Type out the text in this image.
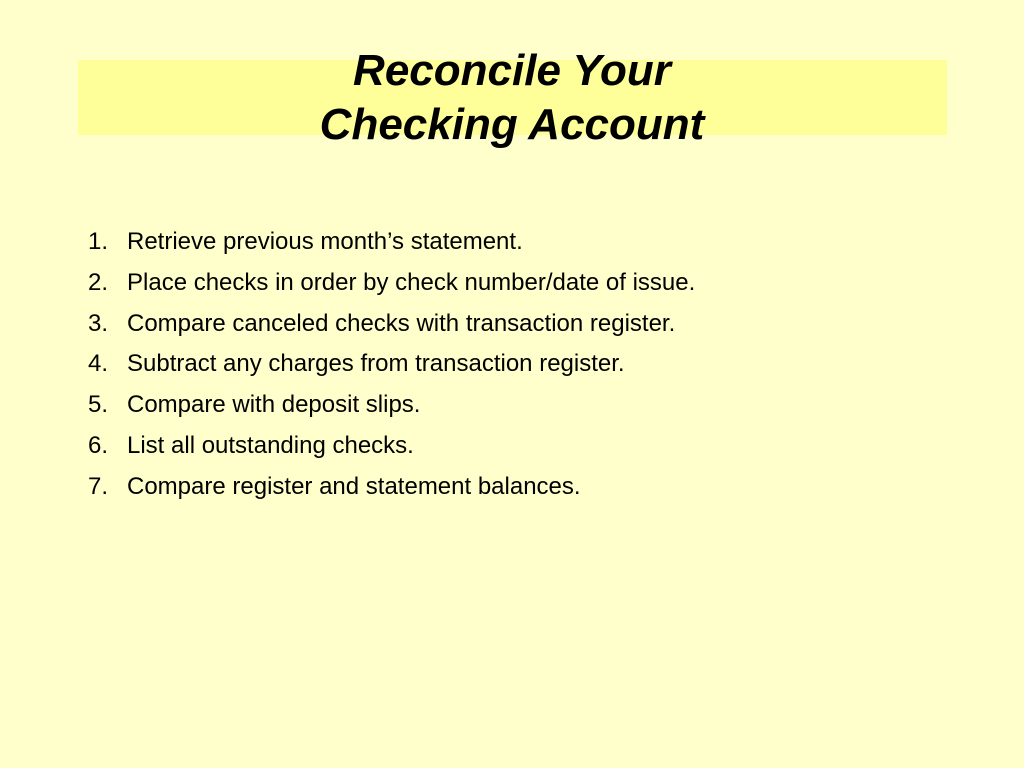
Reconcile Your
Checking Account
1. Retrieve previous month’s statement.
2. Place checks in order by check number/date of issue.
3. Compare canceled checks with transaction register.
4. Subtract any charges from transaction register.
5. Compare with deposit slips.
6. List all outstanding checks.
7. Compare register and statement balances.
